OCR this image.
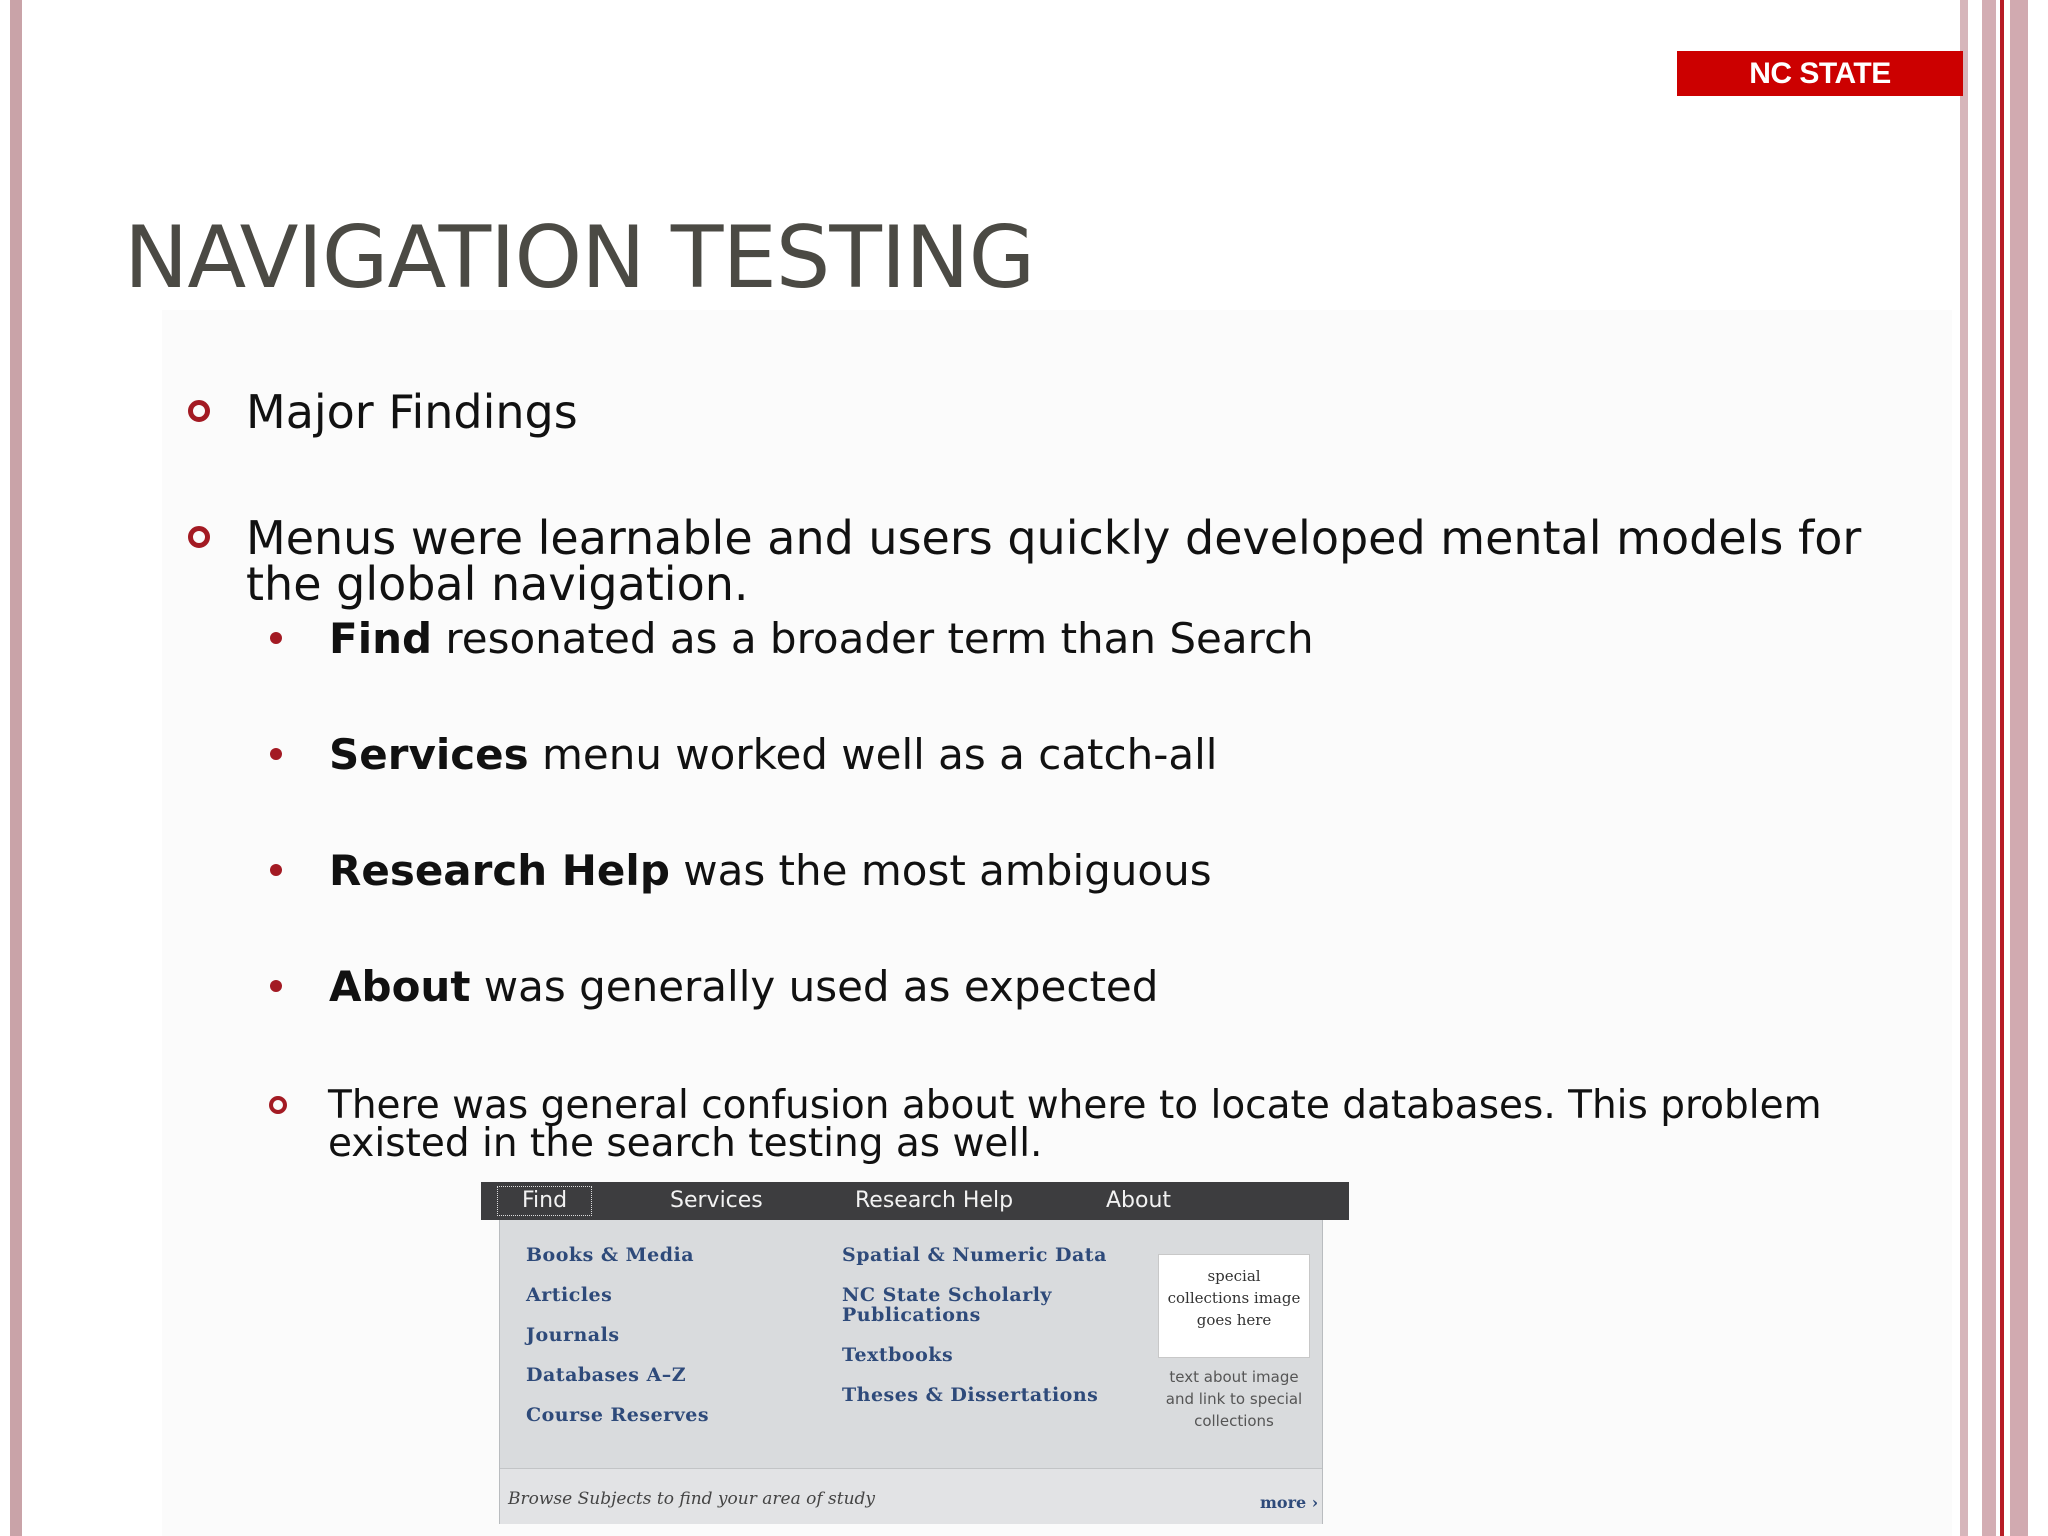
NC STATE UNIVERSITY
NAVIGATION TESTING
Major Findings
Menus were learnable and users quickly developed mental models for
the global navigation.
Find resonated as a broader term than Search
Services menu worked well as a catch-all
Research Help was the most ambiguous
About was generally used as expected
There was general confusion about where to locate databases. This problem
existed in the search testing as well.
Find	Services	Research Help	About
Books & Media
Articles
Journals
Databases A–Z
Course Reserves
Spatial & Numeric Data
NC State Scholarly
Publications
Textbooks
Theses & Dissertations
special
collections image
goes here
text about image
and link to special
collections
Browse Subjects to find your area of study	more ›
